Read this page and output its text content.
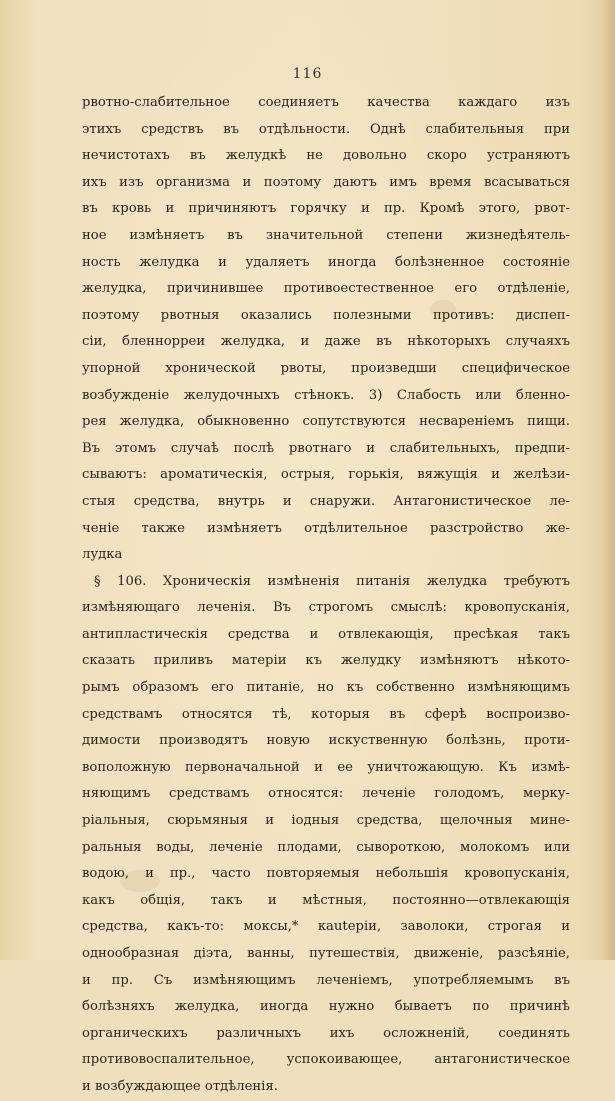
116
рвотно-слабительное соединяетъ качества каждаго изъ
этихъ средствъ въ отдѣльности. Однѣ слабительныя при
нечистотахъ въ желудкѣ не довольно скоро устраняютъ
ихъ изъ организма и поэтому даютъ имъ время всасываться
въ кровь и причиняютъ горячку и пр. Кромѣ этого, рвот-
ное измѣняетъ въ значительной степени жизнедѣятель-
ность желудка и удаляетъ иногда болѣзненное состояніе
желудка, причинившее противоестественное его отдѣленіе,
поэтому рвотныя оказались полезными противъ: диспеп-
сіи, бленнорреи желудка, и даже въ нѣкоторыхъ случаяхъ
упорной хронической рвоты, произведши специфическое
возбужденіе желудочныхъ стѣнокъ. 3) Слабость или бленно-
рея желудка, обыкновенно сопутствуются несвареніемъ пищи.
Въ этомъ случаѣ послѣ рвотнаго и слабительныхъ, предпи-
сываютъ: ароматическія, острыя, горькія, вяжущія и желѣзи-
стыя средства, внутрь и снаружи. Антагонистическое ле-
ченіе также измѣняетъ отдѣлительное разстройство же-
лудка
§ 106. Хроническія измѣненія питанія желудка требуютъ
измѣняющаго леченія. Въ строгомъ смыслѣ: кровопусканія,
антипластическія средства и отвлекающія, пресѣкая такъ
сказать приливъ матеріи къ желудку измѣняютъ нѣкото-
рымъ образомъ его питаніе, но къ собственно измѣняющимъ
средствамъ относятся тѣ, которыя въ сферѣ воспроизво-
димости производятъ новую искуственную болѣзнь, проти-
воположную первоначальной и ее уничтожающую. Къ измѣ-
няющимъ средствамъ относятся: леченіе голодомъ, мерку-
ріальныя, сюрьмяныя и іодныя средства, щелочныя мине-
ральныя воды, леченіе плодами, сывороткою, молокомъ или
водою, и пр., часто повторяемыя небольшія кровопусканія,
какъ общія, такъ и мѣстныя, постоянно—отвлекающія
средства, какъ-то: моксы,* кautеріи, заволоки, строгая и
однообразная діэта, ванны, путешествія, движеніе, разсѣяніе,
и пр. Съ измѣняющимъ леченіемъ, употребляемымъ въ
болѣзняхъ желудка, иногда нужно бываетъ по причинѣ
органическихъ различныхъ ихъ осложненій, соединять
противовоспалительное, успокоивающее, антагонистическое
и возбуждающее отдѣленія.
